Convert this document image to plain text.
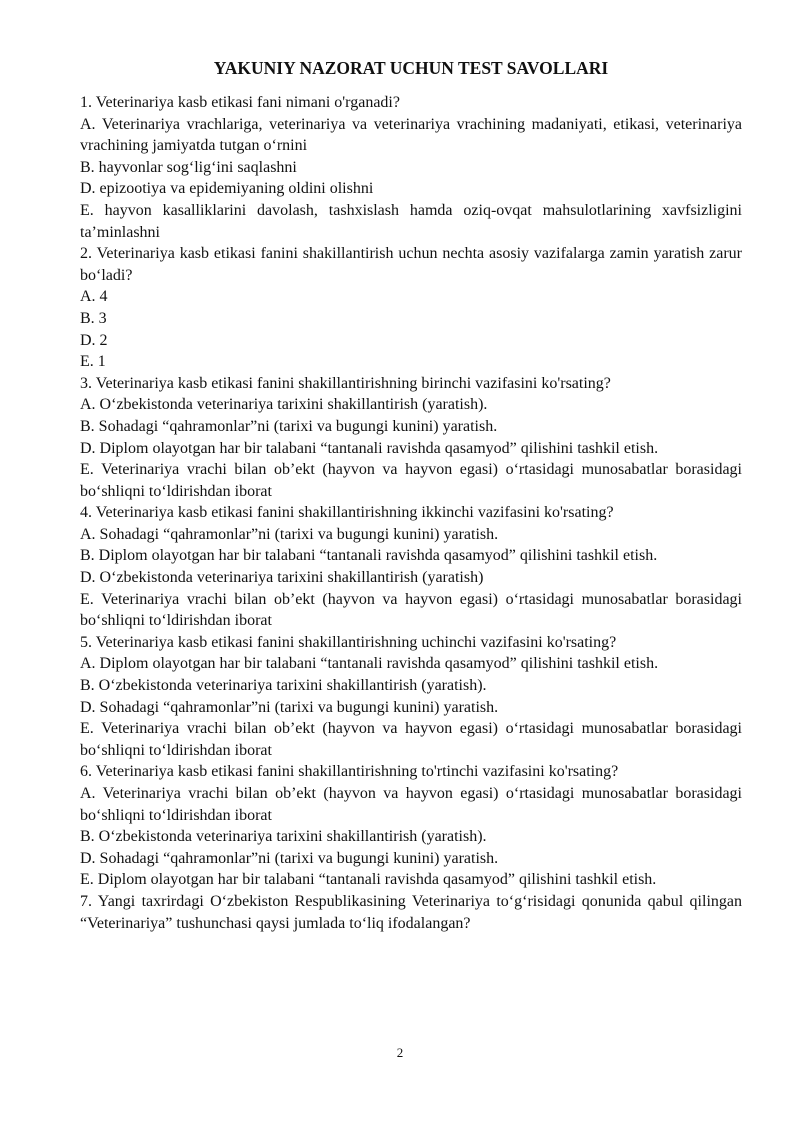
YAKUNIY NAZORAT UCHUN TEST SAVOLLARI

1. Veterinariya kasb etikasi fani nimani o'rganadi?

A. Veterinariya vrachlariga, veterinariya va veterinariya vrachining madaniyati, etikasi, veterinariya vrachining jamiyatda tutgan o‘rnini

B. hayvonlar sog‘lig‘ini saqlashni

D. epizootiya va epidemiyaning oldini olishni

E. hayvon kasalliklarini davolash, tashxislash hamda oziq-ovqat mahsulotlarining xavfsizligini ta’minlashni

2. Veterinariya kasb etikasi fanini shakillantirish uchun nechta asosiy vazifalarga zamin yaratish zarur bo‘ladi?

A. 4

B. 3

D. 2

E. 1

3. Veterinariya kasb etikasi fanini shakillantirishning birinchi vazifasini ko'rsating?

A. O‘zbekistonda veterinariya tarixini shakillantirish (yaratish).

B. Sohadagi “qahramonlar”ni (tarixi va bugungi kunini) yaratish.

D. Diplom olayotgan har bir talabani “tantanali ravishda qasamyod” qilishini tashkil etish.

E. Veterinariya vrachi bilan ob’ekt (hayvon va hayvon egasi) o‘rtasidagi munosabatlar borasidagi bo‘shliqni to‘ldirishdan iborat

4. Veterinariya kasb etikasi fanini shakillantirishning ikkinchi vazifasini ko'rsating?

A. Sohadagi “qahramonlar”ni (tarixi va bugungi kunini) yaratish.

B. Diplom olayotgan har bir talabani “tantanali ravishda qasamyod” qilishini tashkil etish.

D. O‘zbekistonda veterinariya tarixini shakillantirish (yaratish)

E. Veterinariya vrachi bilan ob’ekt (hayvon va hayvon egasi) o‘rtasidagi munosabatlar borasidagi bo‘shliqni to‘ldirishdan iborat

5. Veterinariya kasb etikasi fanini shakillantirishning uchinchi vazifasini ko'rsating?

A. Diplom olayotgan har bir talabani “tantanali ravishda qasamyod” qilishini tashkil etish.

B. O‘zbekistonda veterinariya tarixini shakillantirish (yaratish).

D. Sohadagi “qahramonlar”ni (tarixi va bugungi kunini) yaratish.

E. Veterinariya vrachi bilan ob’ekt (hayvon va hayvon egasi) o‘rtasidagi munosabatlar borasidagi bo‘shliqni to‘ldirishdan iborat

6. Veterinariya kasb etikasi fanini shakillantirishning to'rtinchi vazifasini ko'rsating?

A. Veterinariya vrachi bilan ob’ekt (hayvon va hayvon egasi) o‘rtasidagi munosabatlar borasidagi bo‘shliqni to‘ldirishdan iborat

B. O‘zbekistonda veterinariya tarixini shakillantirish (yaratish).

D. Sohadagi “qahramonlar”ni (tarixi va bugungi kunini) yaratish.

E. Diplom olayotgan har bir talabani “tantanali ravishda qasamyod” qilishini tashkil etish.

7. Yangi taxrirdagi O‘zbekiston Respublikasining Veterinariya to‘g‘risidagi qonunida qabul qilingan “Veterinariya” tushunchasi qaysi jumlada to‘liq ifodalangan?

2
